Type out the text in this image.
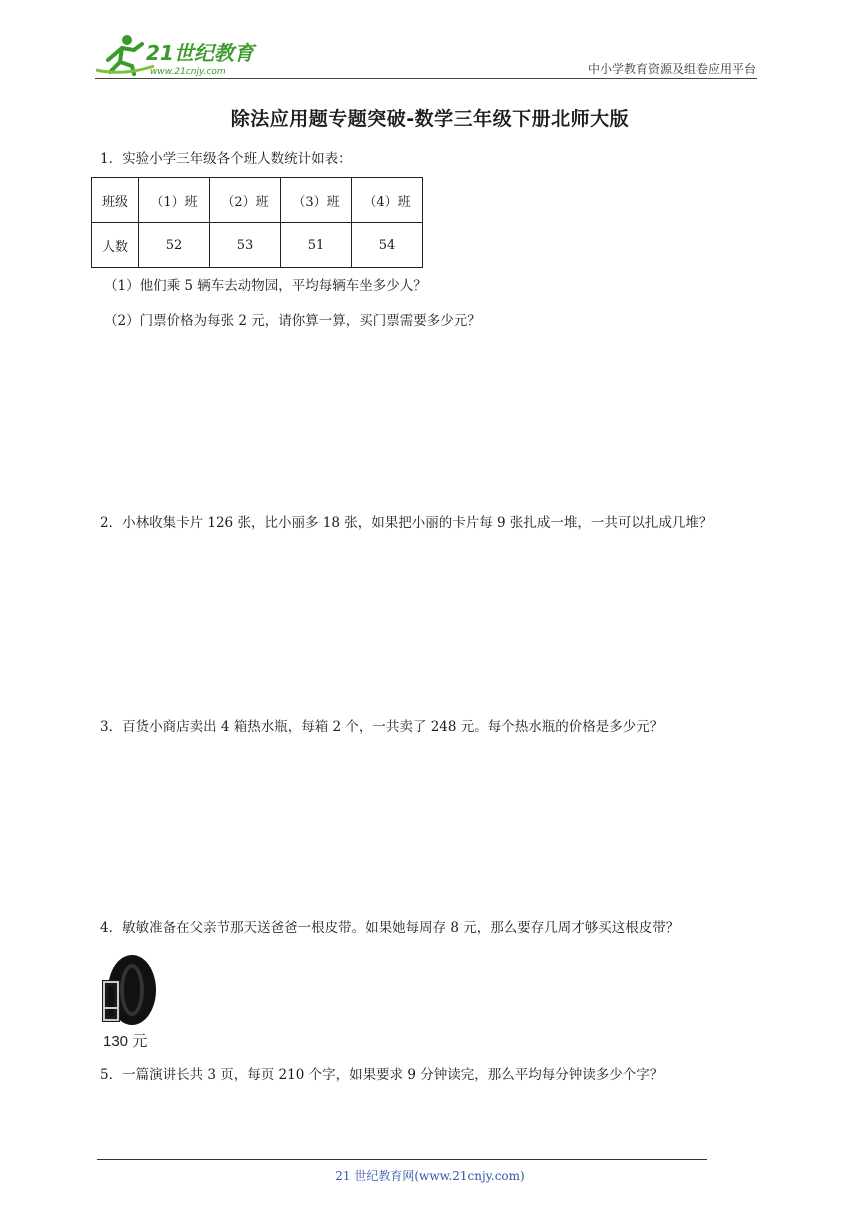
21世纪教育
www.21cnjy.com	中小学教育资源及组卷应用平台
除法应用题专题突破-数学三年级下册北师大版
1．实验小学三年级各个班人数统计如表：
班级	（1）班	（2）班	（3）班	（4）班
人数	52	53	51	54
（1）他们乘 5 辆车去动物园，平均每辆车坐多少人？
（2）门票价格为每张 2 元，请你算一算，买门票需要多少元？
2．小林收集卡片 126 张，比小丽多 18 张，如果把小丽的卡片每 9 张扎成一堆，一共可以扎成几堆？
3．百货小商店卖出 4 箱热水瓶，每箱 2 个，一共卖了 248 元。每个热水瓶的价格是多少元？
4．敏敏准备在父亲节那天送爸爸一根皮带。如果她每周存 8 元，那么要存几周才够买这根皮带？
130 元
5．一篇演讲长共 3 页，每页 210 个字，如果要求 9 分钟读完，那么平均每分钟读多少个字？
21 世纪教育网(www.21cnjy.com)
